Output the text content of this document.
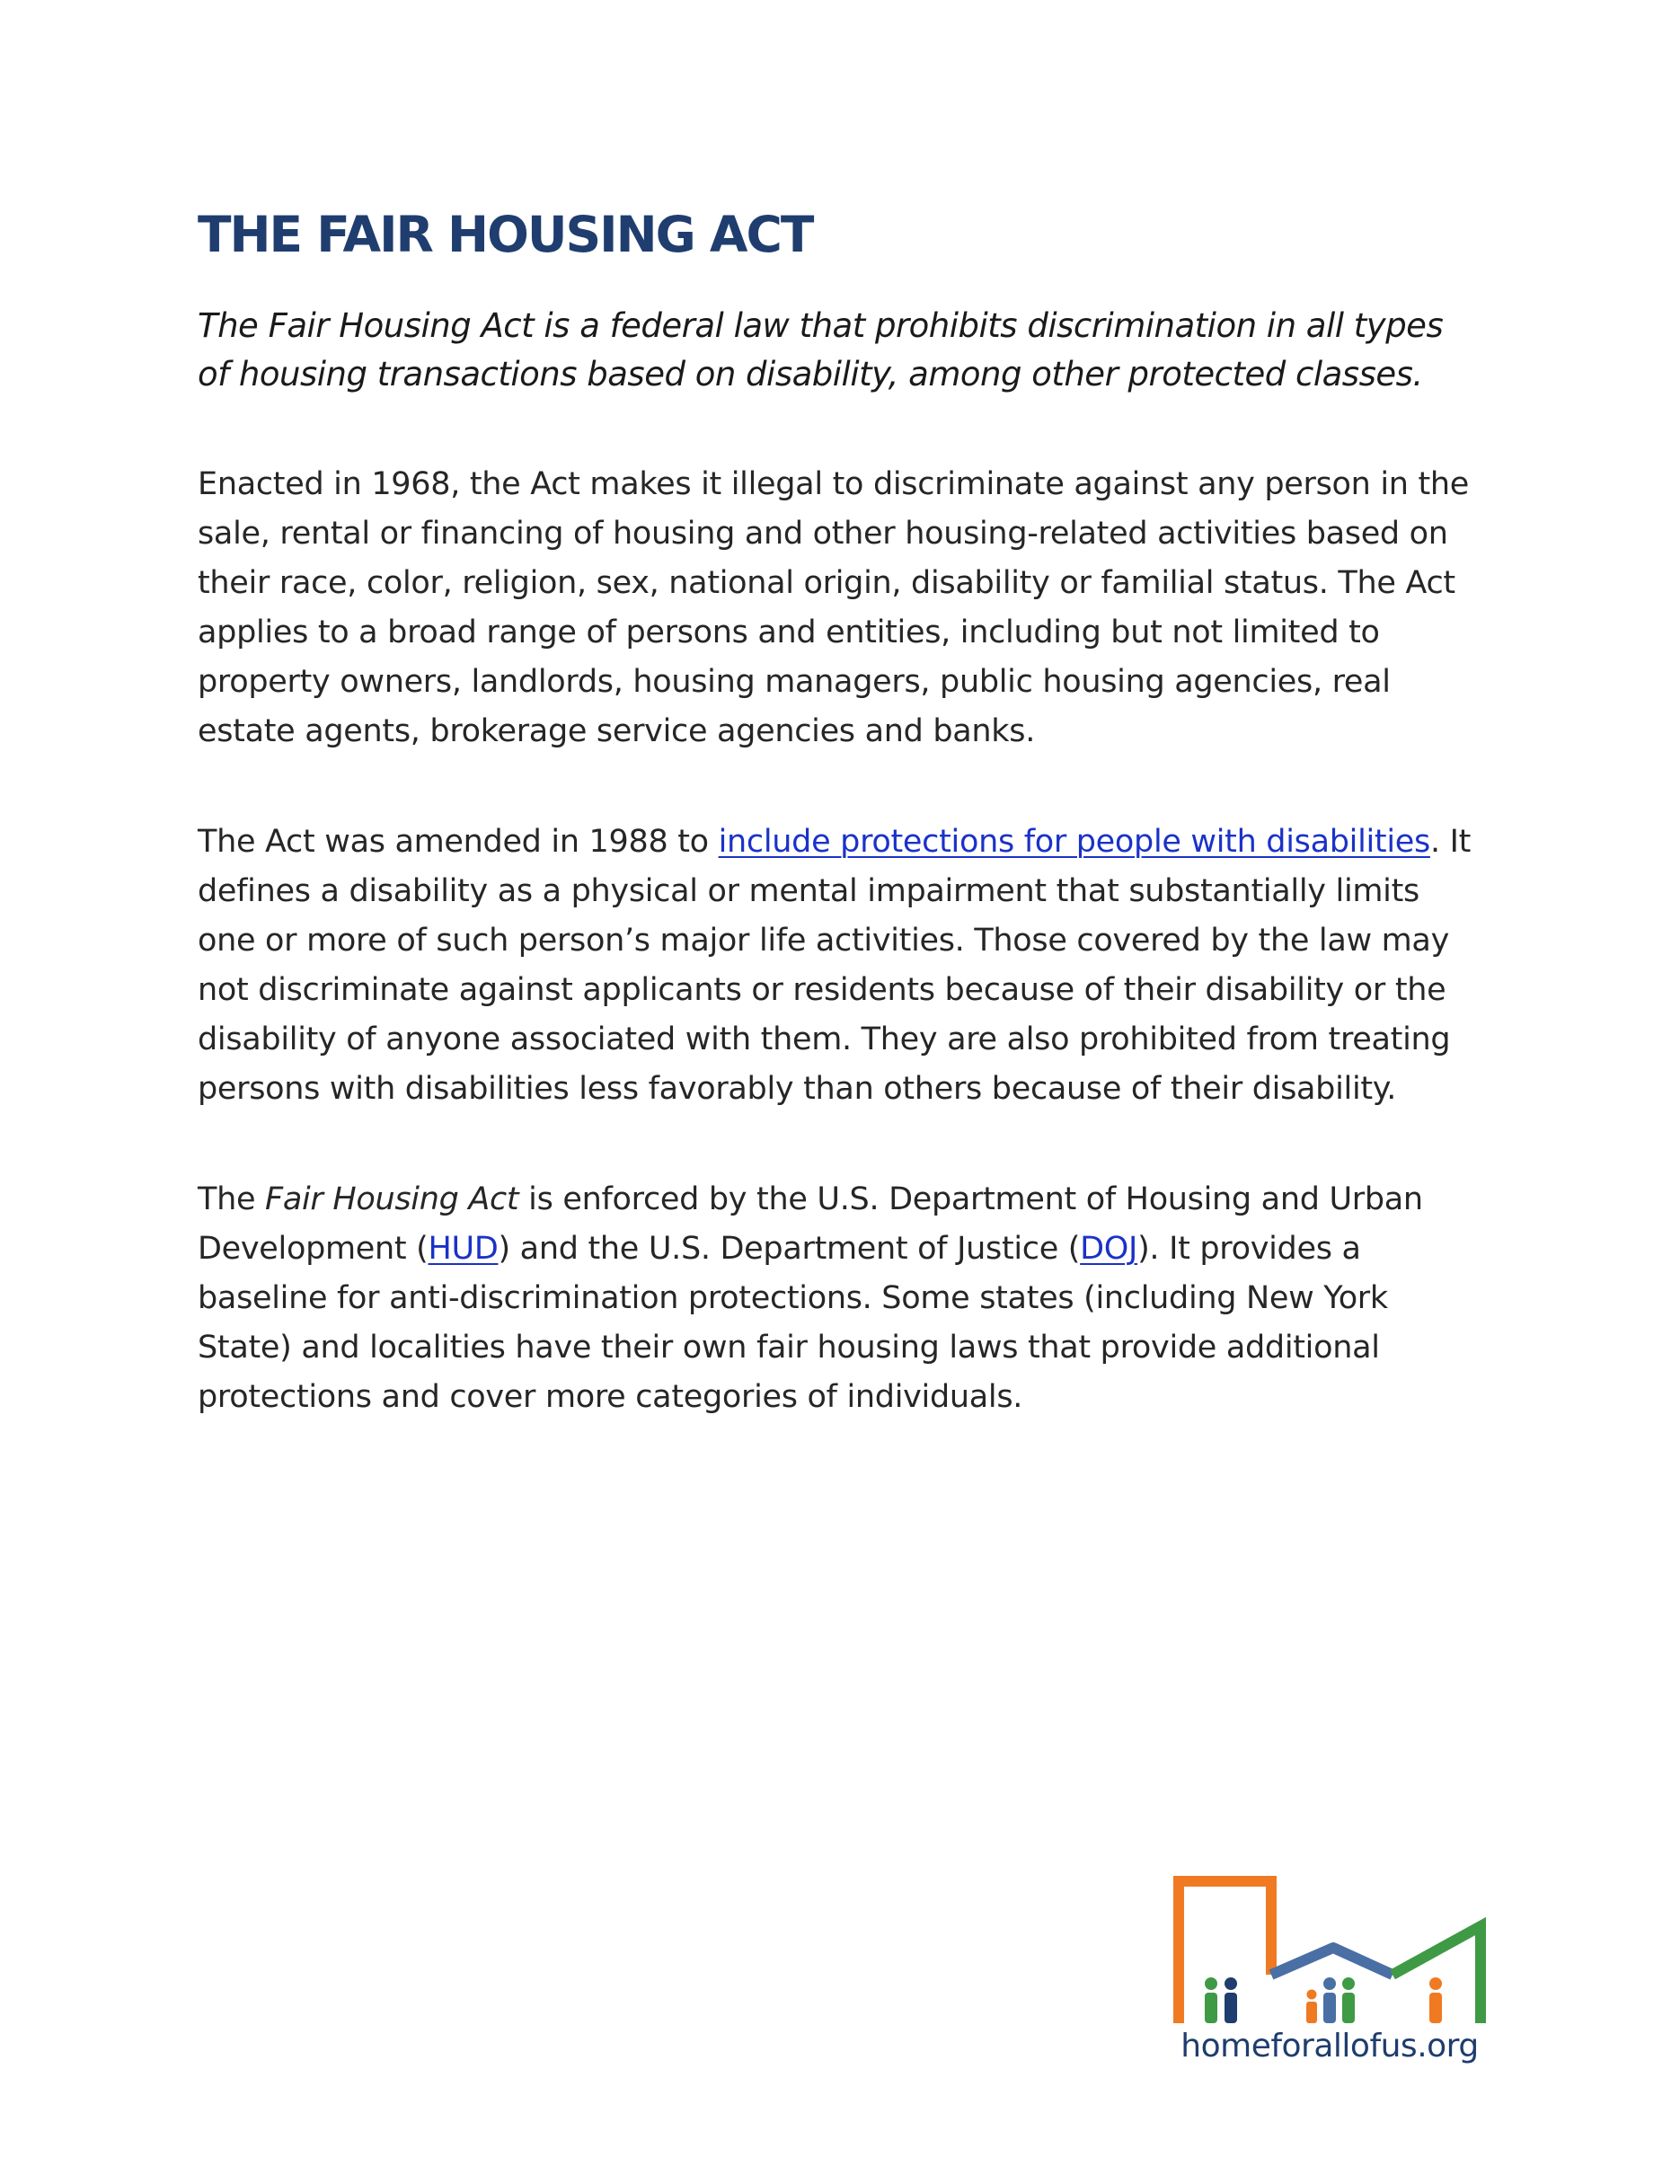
THE FAIR HOUSING ACT

The Fair Housing Act is a federal law that prohibits discrimination in all types of housing transactions based on disability, among other protected classes.

Enacted in 1968, the Act makes it illegal to discriminate against any person in the sale, rental or financing of housing and other housing-related activities based on their race, color, religion, sex, national origin, disability or familial status. The Act applies to a broad range of persons and entities, including but not limited to property owners, landlords, housing managers, public housing agencies, real estate agents, brokerage service agencies and banks.

The Act was amended in 1988 to include protections for people with disabilities. It defines a disability as a physical or mental impairment that substantially limits one or more of such person’s major life activities. Those covered by the law may not discriminate against applicants or residents because of their disability or the disability of anyone associated with them. They are also prohibited from treating persons with disabilities less favorably than others because of their disability.

The Fair Housing Act is enforced by the U.S. Department of Housing and Urban Development (HUD) and the U.S. Department of Justice (DOJ). It provides a baseline for anti-discrimination protections. Some states (including New York State) and localities have their own fair housing laws that provide additional protections and cover more categories of individuals.

homeforallofus.org
